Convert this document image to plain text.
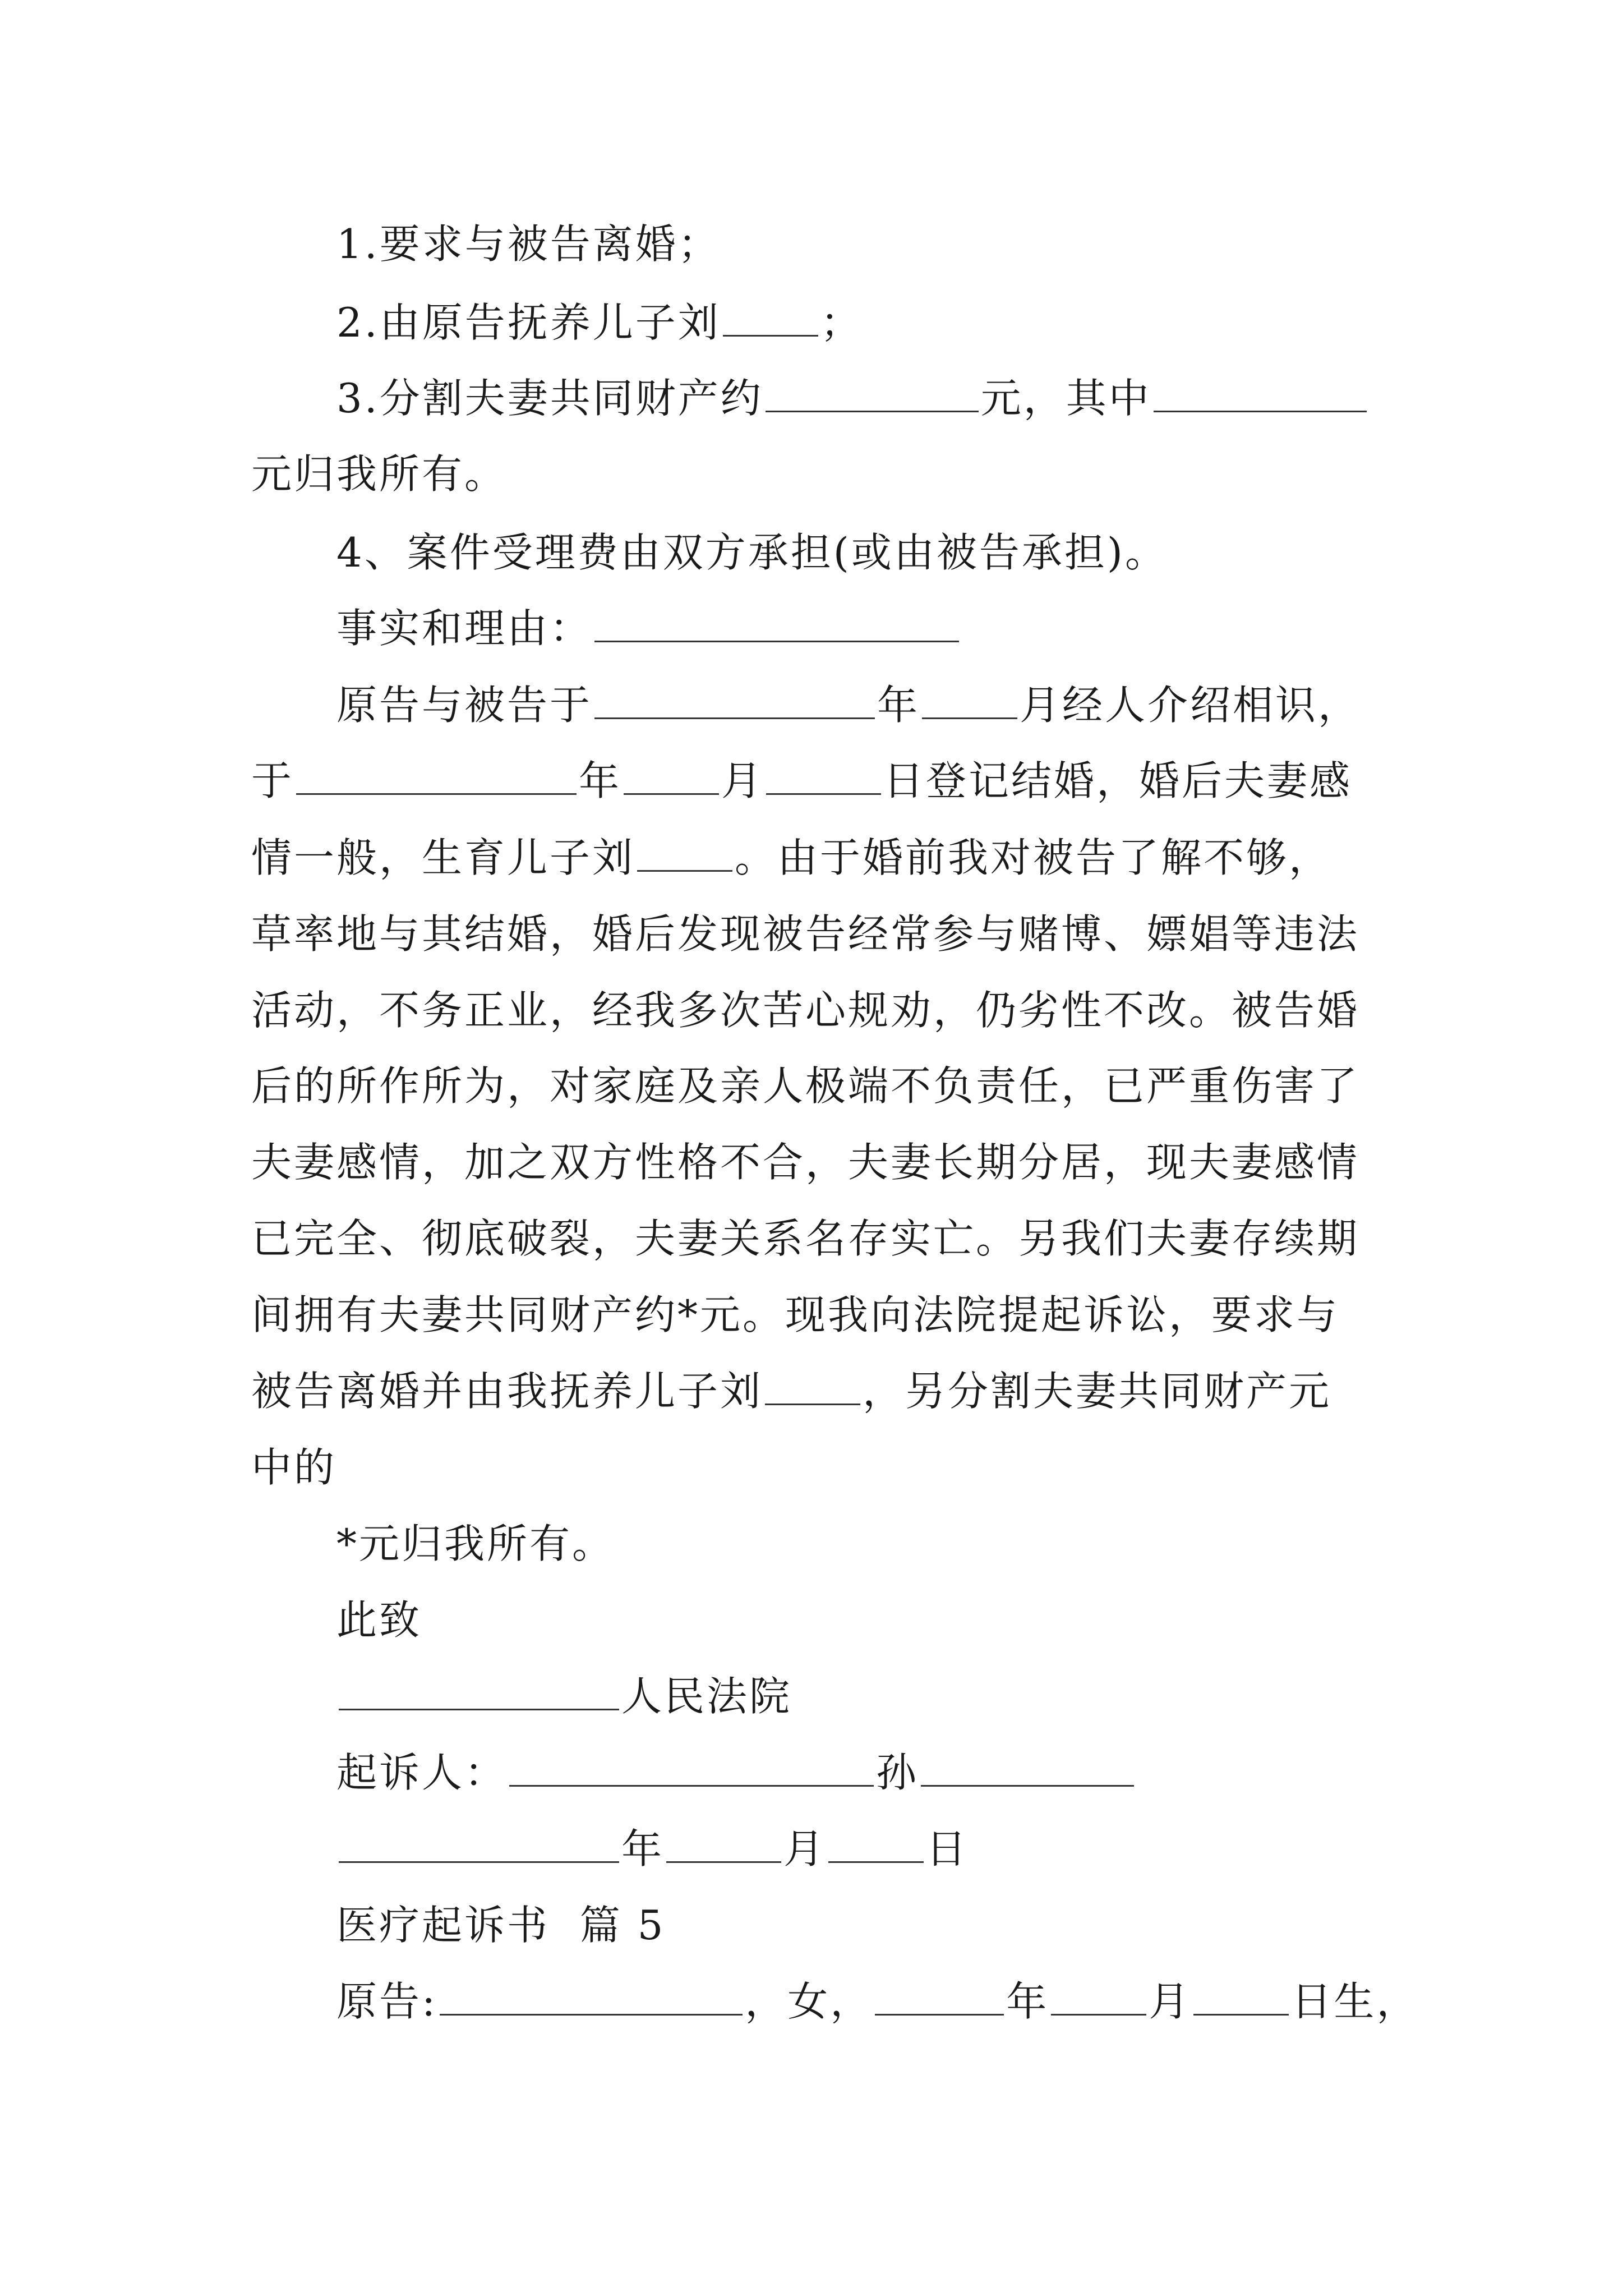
1.要求与被告离婚；
2.由原告抚养儿子刘 ；
3.分割夫妻共同财产约	元，其中
元归我所有。
4、案件受理费由双方承担(或由被告承担)。
事实和理由：
原告与被告于	年 月经人介绍相识，
于	年 月	日登记结婚，婚后夫妻感
情一般，生育儿子刘 。由于婚前我对被告了解不够，
草率地与其结婚，婚后发现被告经常参与赌博、嫖娼等违法
活动，不务正业，经我多次苦心规劝，仍劣性不改。被告婚
后的所作所为，对家庭及亲人极端不负责任，已严重伤害了
夫妻感情，加之双方性格不合，夫妻长期分居，现夫妻感情
已完全、彻底破裂，夫妻关系名存实亡。另我们夫妻存续期
间拥有夫妻共同财产约*元。现我向法院提起诉讼，要求与
被告离婚并由我抚养儿子刘 ，另分割夫妻共同财产元
中的
*元归我所有。
此致
人民法院
起诉人：	孙
年	月 日
医疗起诉书  篇 5
原告:	，女，	年 月 日生，
